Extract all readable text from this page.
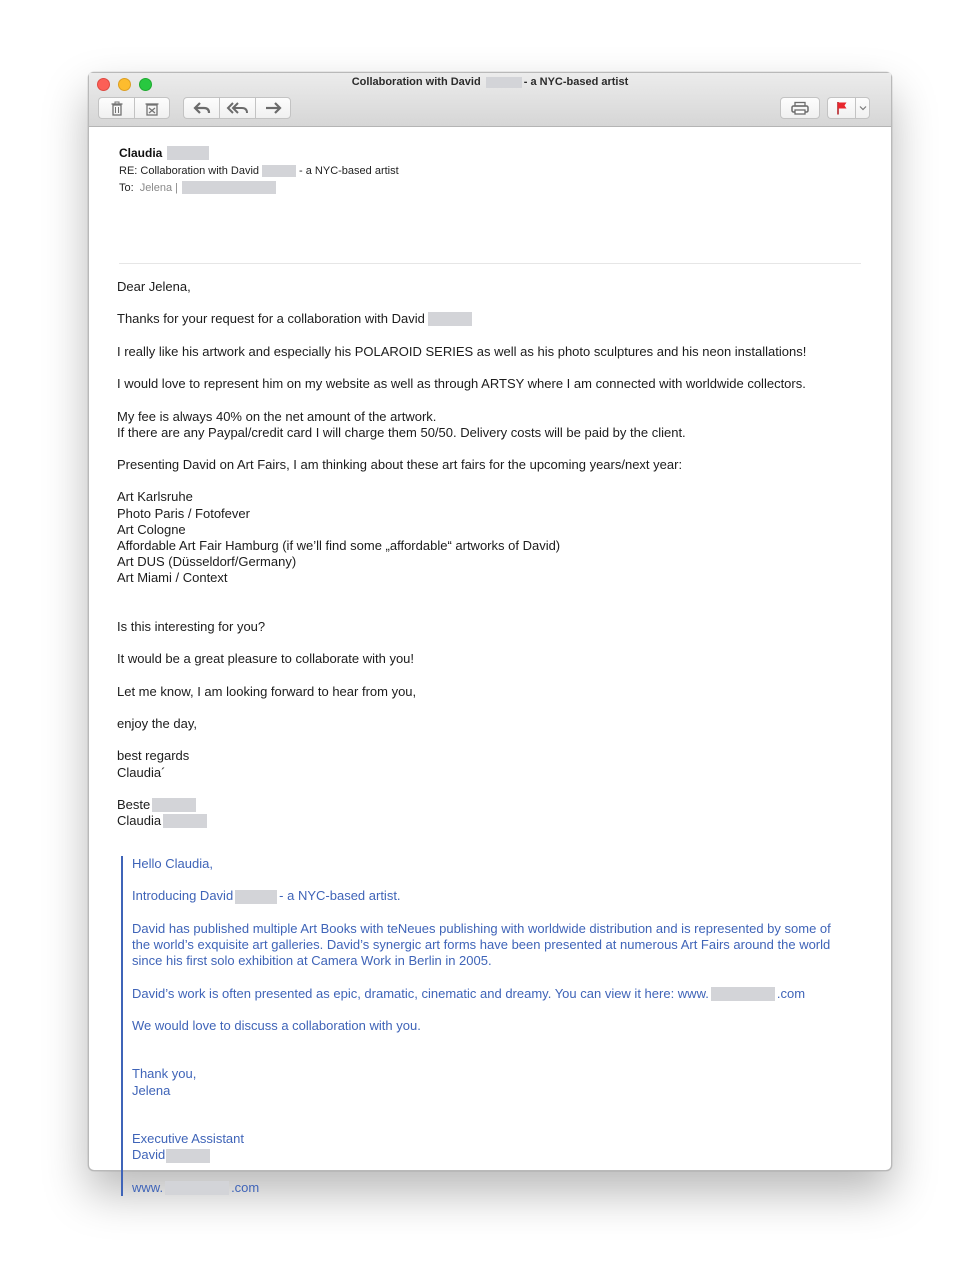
Collaboration with David	- a NYC-based artist
Claudia
RE: Collaboration with David	- a NYC-based artist
To: Jelena |
Dear Jelena,
Thanks for your request for a collaboration with David
I really like his artwork and especially his POLAROID SERIES as well as his photo sculptures and his neon installations!
I would love to represent him on my website as well as through ARTSY where I am connected with worldwide collectors.
My fee is always 40% on the net amount of the artwork.
If there are any Paypal/credit card I will charge them 50/50. Delivery costs will be paid by the client.
Presenting David on Art Fairs, I am thinking about these art fairs for the upcoming years/next year:
Art Karlsruhe
Photo Paris / Fotofever
Art Cologne
Affordable Art Fair Hamburg (if we’ll find some „affordable“ artworks of David)
Art DUS (Düsseldorf/Germany)
Art Miami / Context
Is this interesting for you?
It would be a great pleasure to collaborate with you!
Let me know, I am looking forward to hear from you,
enjoy the day,
best regards
Claudia´
Beste
Claudia
Hello Claudia,
Introducing David	- a NYC-based artist.
David has published multiple Art Books with teNeues publishing with worldwide distribution and is represented by some of the world’s exquisite art galleries. David’s synergic art forms have been presented at numerous Art Fairs around the world since his first solo exhibition at Camera Work in Berlin in 2005.
David’s work is often presented as epic, dramatic, cinematic and dreamy. You can view it here: www.	.com
We would love to discuss a collaboration with you.
Thank you,
Jelena
Executive Assistant
David
www.	.com
